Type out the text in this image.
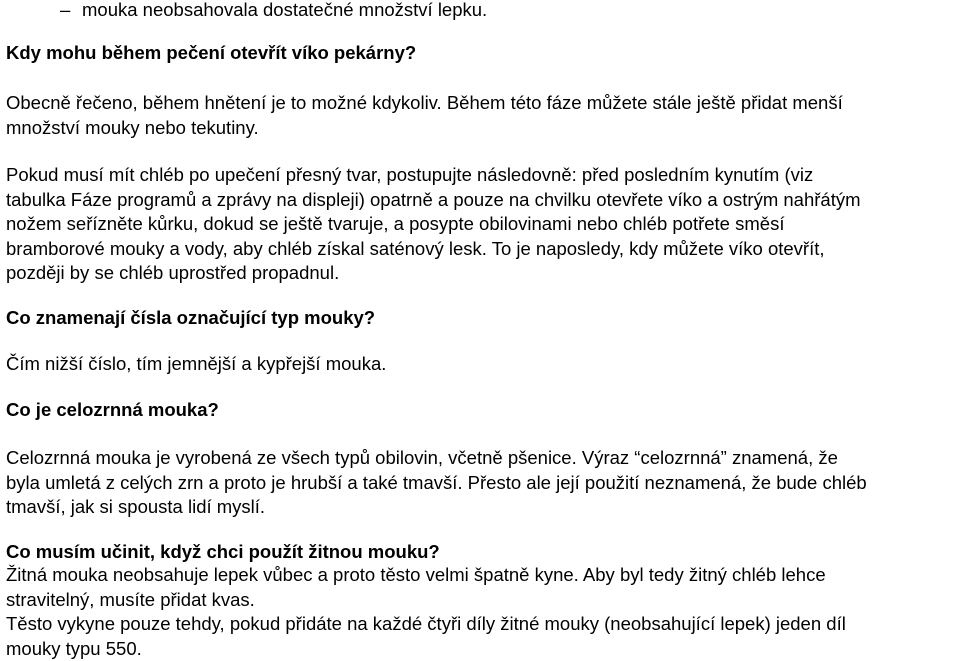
– mouka neobsahovala dostatečné množství lepku.
Kdy mohu během pečení otevřít víko pekárny?
Obecně řečeno, během hnětení je to možné kdykoliv. Během této fáze můžete stále ještě přidat menší
množství mouky nebo tekutiny.
Pokud musí mít chléb po upečení přesný tvar, postupujte následovně: před posledním kynutím (viz
tabulka Fáze programů a zprávy na displeji) opatrně a pouze na chvilku otevřete víko a ostrým nahřátým
nožem seřízněte kůrku, dokud se ještě tvaruje, a posypte obilovinami nebo chléb potřete směsí
bramborové mouky a vody, aby chléb získal saténový lesk. To je naposledy, kdy můžete víko otevřít,
později by se chléb uprostřed propadnul.
Co znamenají čísla označující typ mouky?
Čím nižší číslo, tím jemnější a kypřejší mouka.
Co je celozrnná mouka?
Celozrnná mouka je vyrobená ze všech typů obilovin, včetně pšenice. Výraz “celozrnná” znamená, že
byla umletá z celých zrn a proto je hrubší a také tmavší. Přesto ale její použití neznamená, že bude chléb
tmavší, jak si spousta lidí myslí.
Co musím učinit, když chci použít žitnou mouku?
Žitná mouka neobsahuje lepek vůbec a proto těsto velmi špatně kyne. Aby byl tedy žitný chléb lehce
stravitelný, musíte přidat kvas.
Těsto vykyne pouze tehdy, pokud přidáte na každé čtyři díly žitné mouky (neobsahující lepek) jeden díl
mouky typu 550.
